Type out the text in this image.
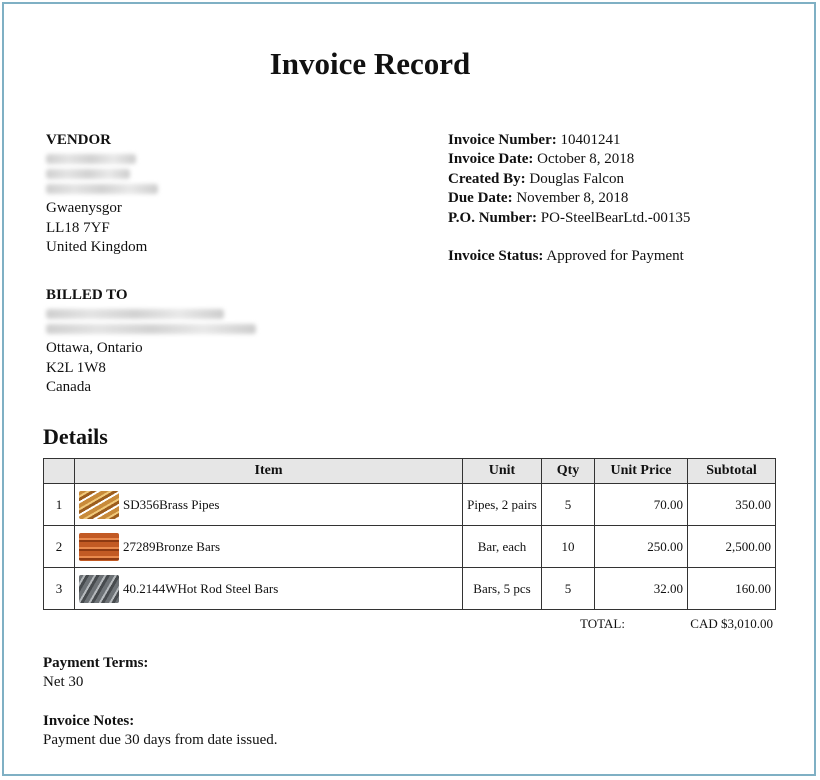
Invoice Record
VENDOR
Gwaenysgor
LL18 7YF
United Kingdom
Invoice Number: 10401241
Invoice Date: October 8, 2018
Created By: Douglas Falcon
Due Date: November 8, 2018
P.O. Number: PO-SteelBearLtd.-00135
Invoice Status: Approved for Payment
BILLED TO
Ottawa, Ontario
K2L 1W8
Canada
Details
	Item	Unit	Qty	Unit Price	Subtotal
1	SD356Brass Pipes	Pipes, 2 pairs	5	70.00	350.00
2	27289Bronze Bars	Bar, each	10	250.00	2,500.00
3	40.2144WHot Rod Steel Bars	Bars, 5 pcs	5	32.00	160.00
TOTAL:	CAD $3,010.00
Payment Terms:
Net 30
Invoice Notes:
Payment due 30 days from date issued.
